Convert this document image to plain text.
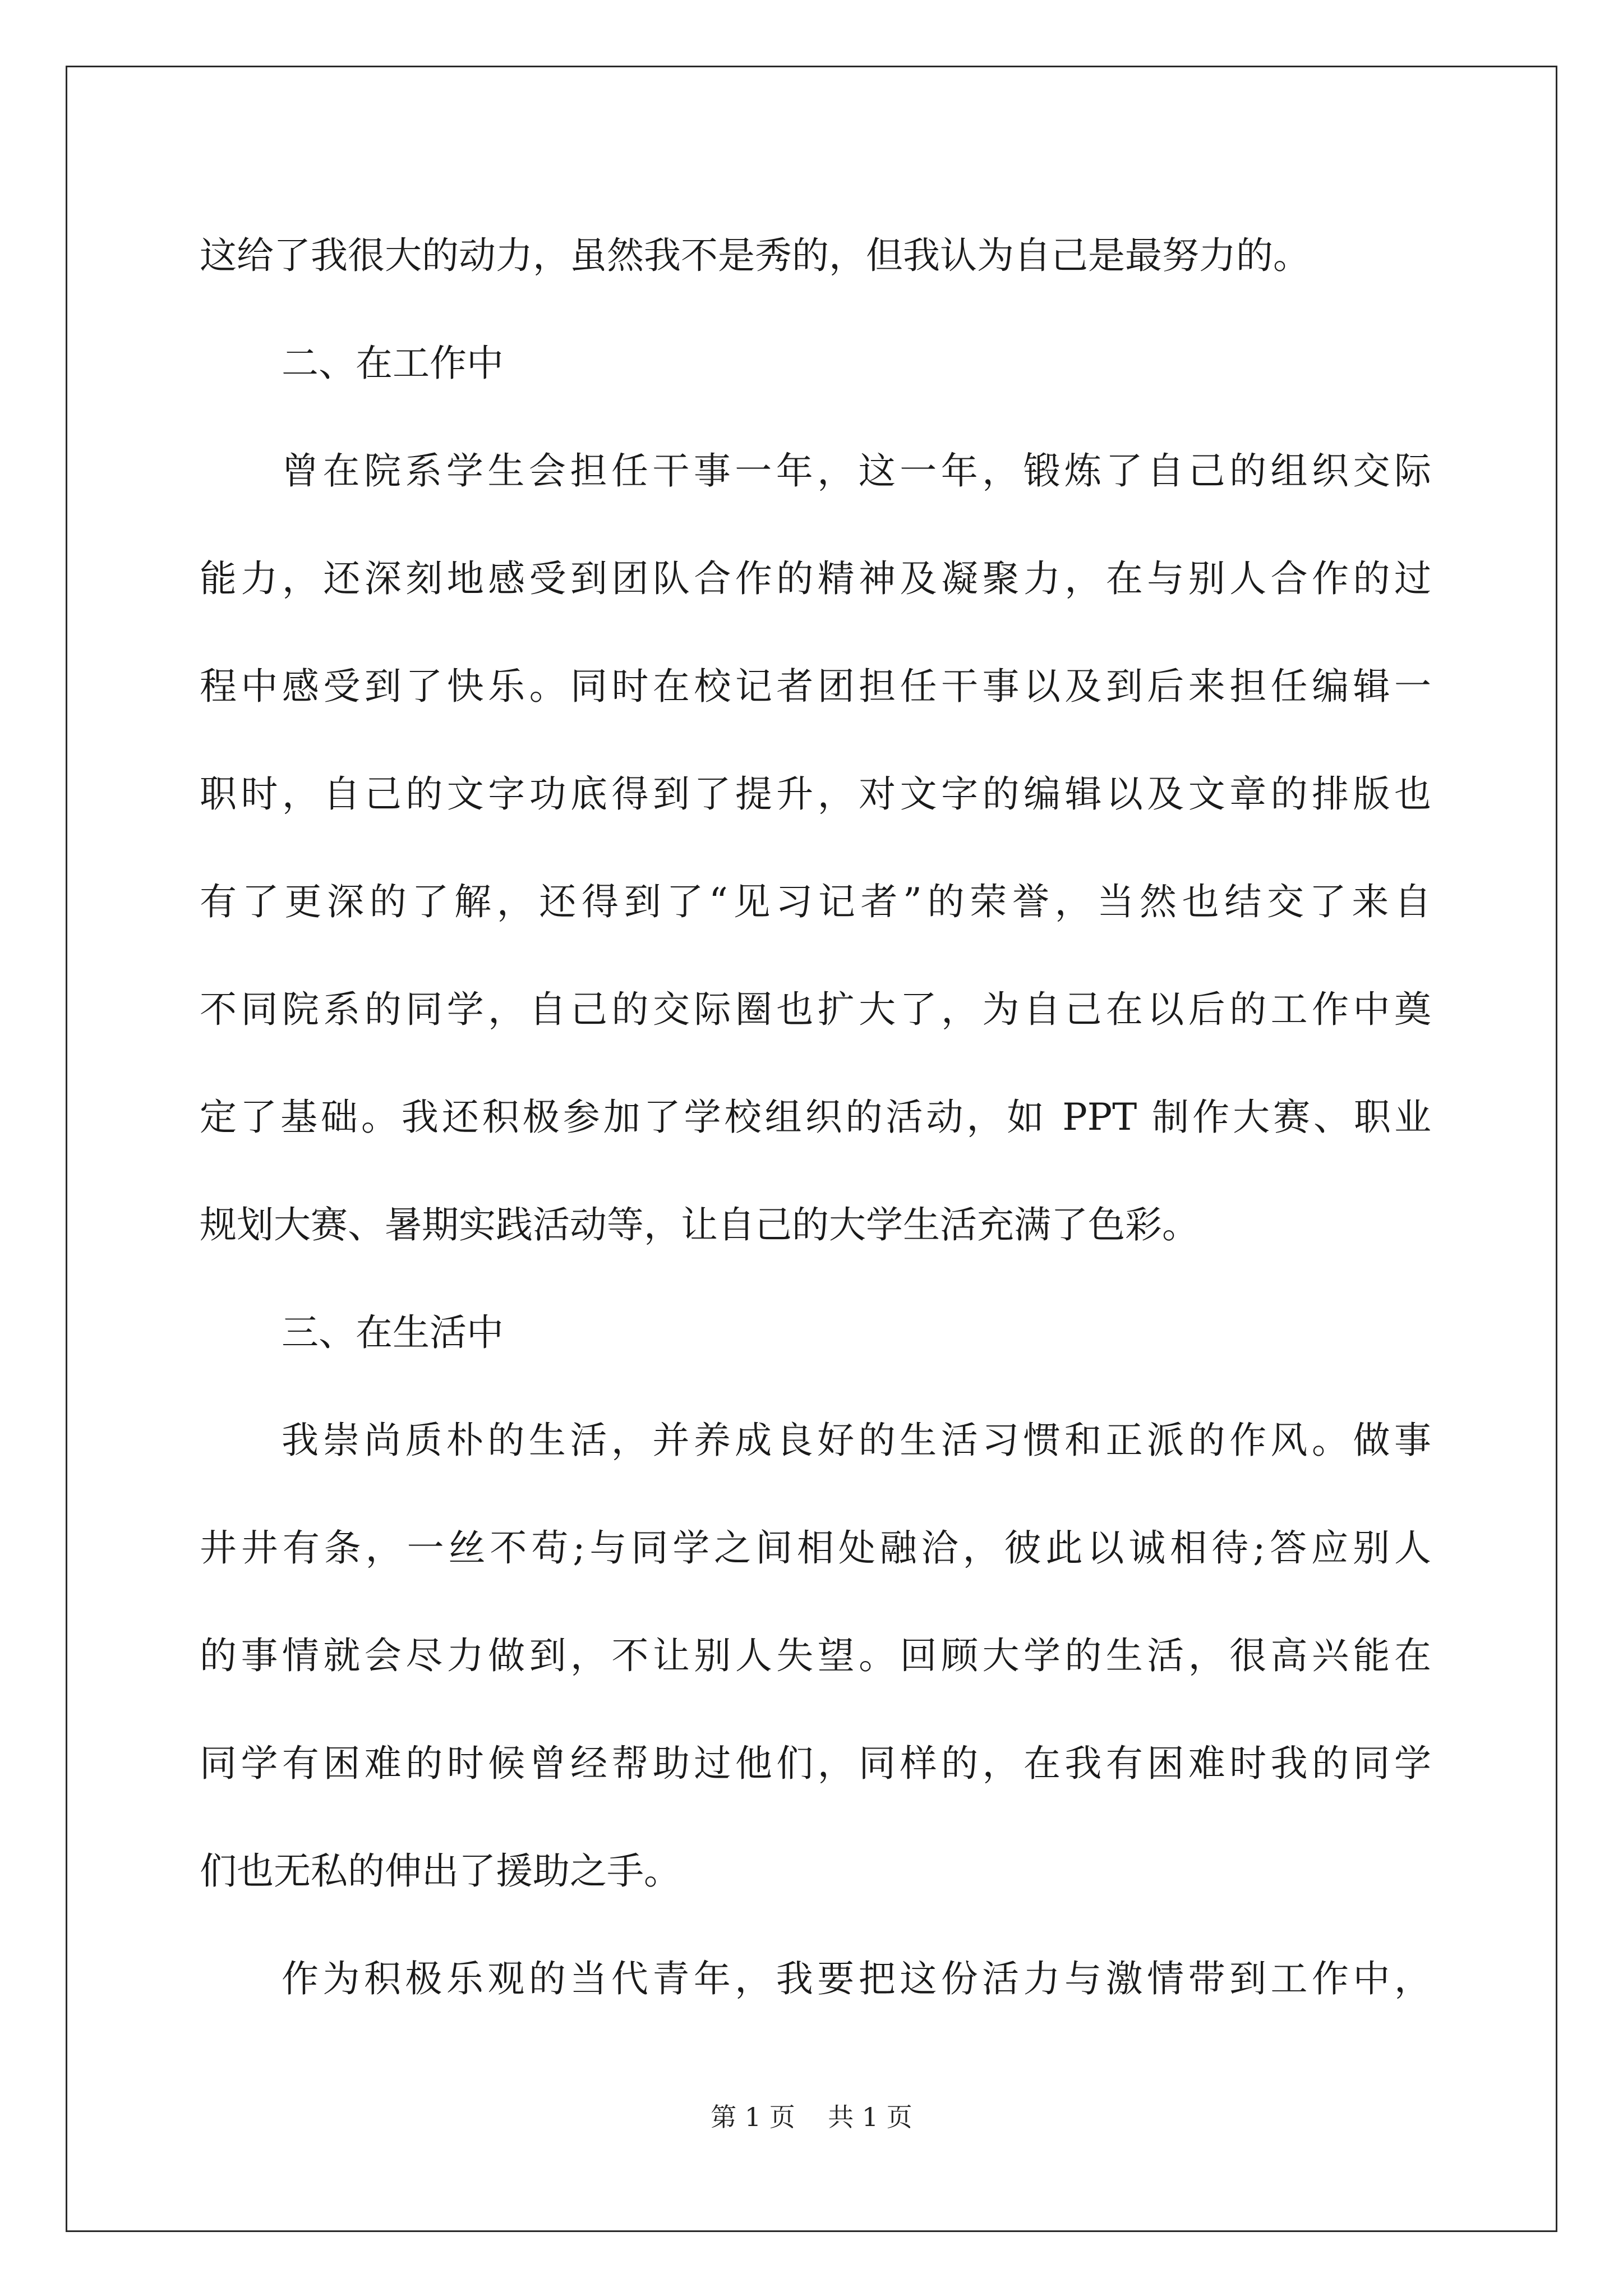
这给了我很大的动力，虽然我不是秀的，但我认为自己是最努力的。
二、在工作中
曾在院系学生会担任干事一年，这一年，锻炼了自己的组织交际
能力，还深刻地感受到团队合作的精神及凝聚力，在与别人合作的过
程中感受到了快乐。同时在校记者团担任干事以及到后来担任编辑一
职时，自己的文字功底得到了提升，对文字的编辑以及文章的排版也
有了更深的了解，还得到了“见习记者”的荣誉，当然也结交了来自
不同院系的同学，自己的交际圈也扩大了，为自己在以后的工作中奠
定了基础。我还积极参加了学校组织的活动，如 PPT 制作大赛、职业
规划大赛、暑期实践活动等，让自己的大学生活充满了色彩。
三、在生活中
我崇尚质朴的生活，并养成良好的生活习惯和正派的作风。做事
井井有条，一丝不苟;与同学之间相处融洽，彼此以诚相待;答应别人
的事情就会尽力做到，不让别人失望。回顾大学的生活，很高兴能在
同学有困难的时候曾经帮助过他们，同样的，在我有困难时我的同学
们也无私的伸出了援助之手。
作为积极乐观的当代青年，我要把这份活力与激情带到工作中，
第 1 页 共 1 页
